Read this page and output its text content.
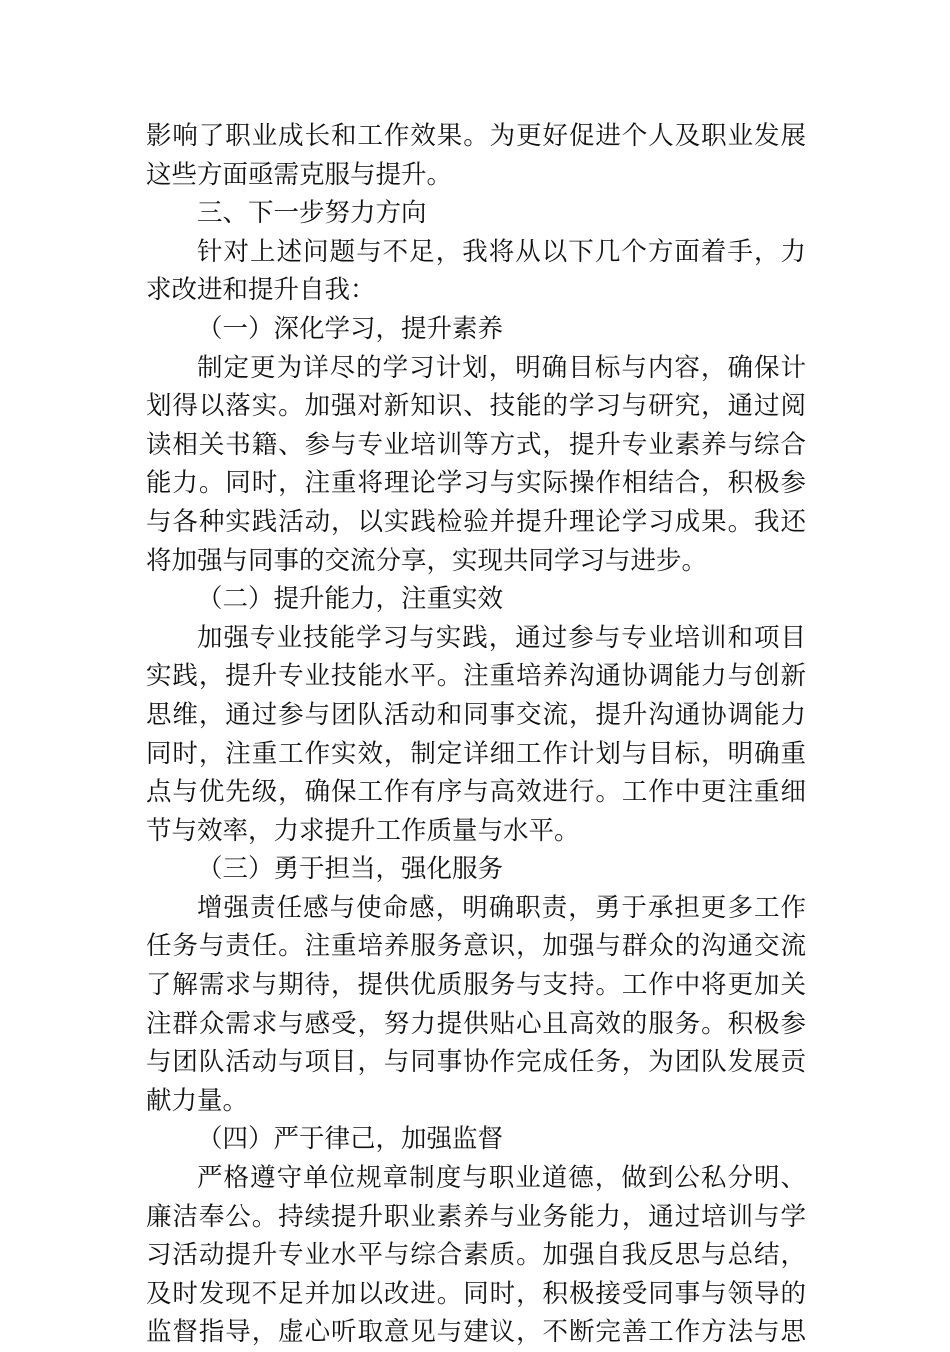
影响了职业成长和工作效果。为更好促进个人及职业发展
这些方面亟需克服与提升。
三、下一步努力方向
针对上述问题与不足，我将从以下几个方面着手，力
求改进和提升自我：
（一）深化学习，提升素养
制定更为详尽的学习计划，明确目标与内容，确保计
划得以落实。加强对新知识、技能的学习与研究，通过阅
读相关书籍、参与专业培训等方式，提升专业素养与综合
能力。同时，注重将理论学习与实际操作相结合，积极参
与各种实践活动，以实践检验并提升理论学习成果。我还
将加强与同事的交流分享，实现共同学习与进步。
（二）提升能力，注重实效
加强专业技能学习与实践，通过参与专业培训和项目
实践，提升专业技能水平。注重培养沟通协调能力与创新
思维，通过参与团队活动和同事交流，提升沟通协调能力
同时，注重工作实效，制定详细工作计划与目标，明确重
点与优先级，确保工作有序与高效进行。工作中更注重细
节与效率，力求提升工作质量与水平。
（三）勇于担当，强化服务
增强责任感与使命感，明确职责，勇于承担更多工作
任务与责任。注重培养服务意识，加强与群众的沟通交流
了解需求与期待，提供优质服务与支持。工作中将更加关
注群众需求与感受，努力提供贴心且高效的服务。积极参
与团队活动与项目，与同事协作完成任务，为团队发展贡
献力量。
（四）严于律己，加强监督
严格遵守单位规章制度与职业道德，做到公私分明、
廉洁奉公。持续提升职业素养与业务能力，通过培训与学
习活动提升专业水平与综合素质。加强自我反思与总结，
及时发现不足并加以改进。同时，积极接受同事与领导的
监督指导，虚心听取意见与建议，不断完善工作方法与思
